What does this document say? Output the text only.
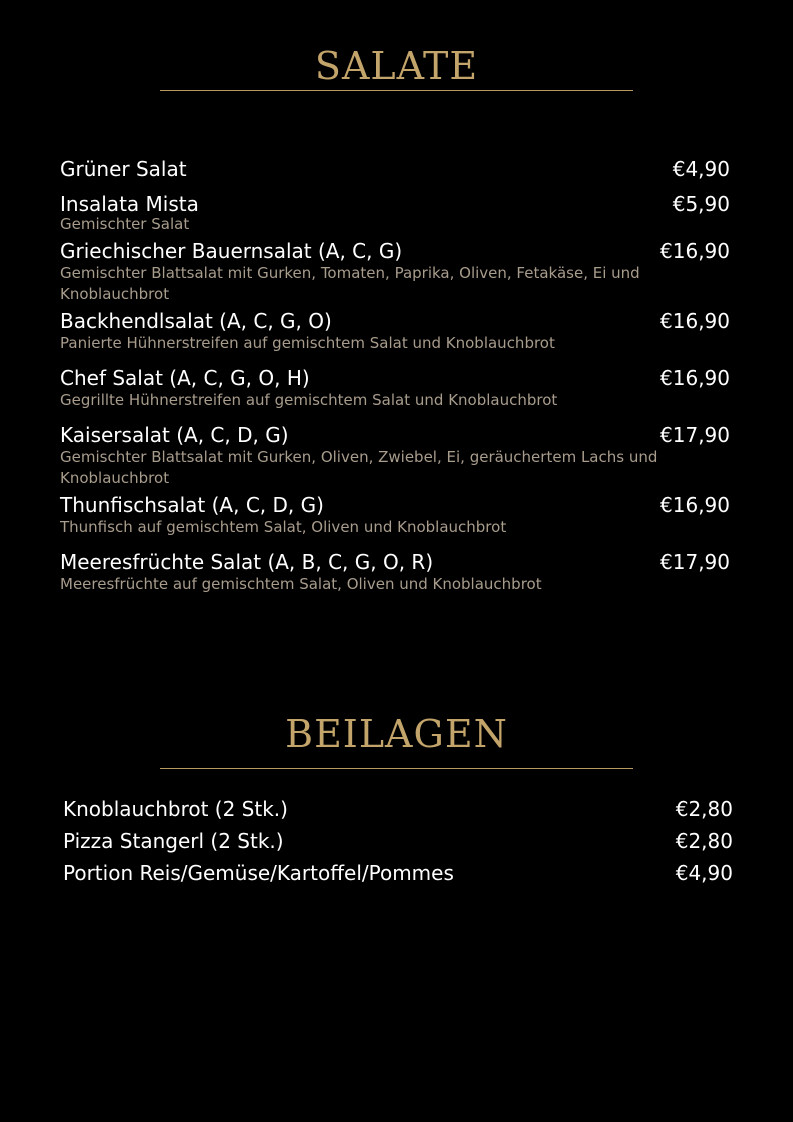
SALATE
Grüner Salat	€4,90
Insalata Mista	€5,90
Gemischter Salat
Griechischer Bauernsalat (A, C, G)	€16,90
Gemischter Blattsalat mit Gurken, Tomaten, Paprika, Oliven, Fetakäse, Ei und Knoblauchbrot
Backhendlsalat (A, C, G, O)	€16,90
Panierte Hühnerstreifen auf gemischtem Salat und Knoblauchbrot
Chef Salat (A, C, G, O, H)	€16,90
Gegrillte Hühnerstreifen auf gemischtem Salat und Knoblauchbrot
Kaisersalat (A, C, D, G)	€17,90
Gemischter Blattsalat mit Gurken, Oliven, Zwiebel, Ei, geräuchertem Lachs und Knoblauchbrot
Thunfischsalat (A, C, D, G)	€16,90
Thunfisch auf gemischtem Salat, Oliven und Knoblauchbrot
Meeresfrüchte Salat (A, B, C, G, O, R)	€17,90
Meeresfrüchte auf gemischtem Salat, Oliven und Knoblauchbrot
BEILAGEN
Knoblauchbrot (2 Stk.)	€2,80
Pizza Stangerl (2 Stk.)	€2,80
Portion Reis/Gemüse/Kartoffel/Pommes	€4,90
